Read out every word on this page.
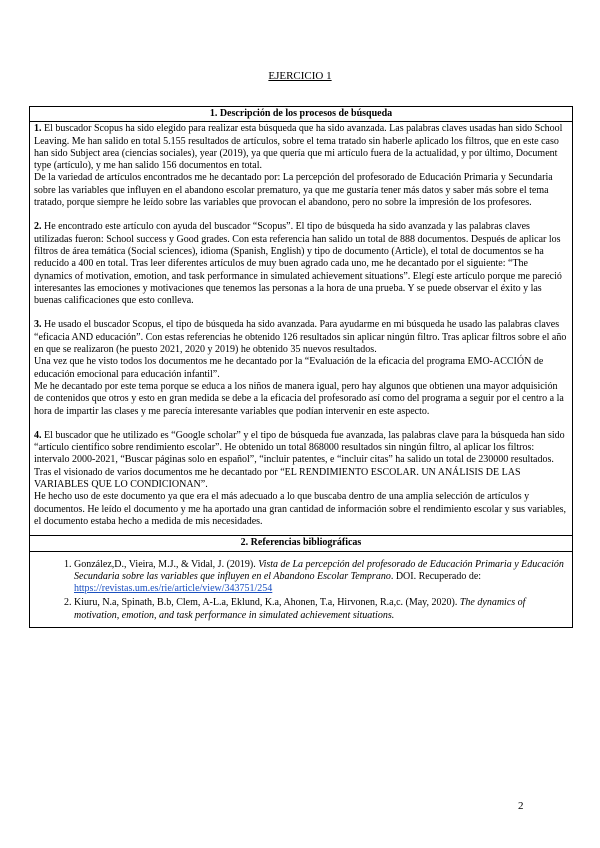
EJERCICIO 1
1. Descripción de los procesos de búsqueda

1. El buscador Scopus ha sido elegido para realizar esta búsqueda que ha sido avanzada. Las palabras claves usadas han sido School Leaving. Me han salido en total 5.155 resultados de artículos, sobre el tema tratado sin haberle aplicado los filtros, que en este caso han sido Subject area (ciencias sociales), year (2019), ya que quería que mi artículo fuera de la actualidad, y por último, Document type (artículo), y me han salido 156 documentos en total.

De la variedad de artículos encontrados me he decantado por: La percepción del profesorado de Educación Primaria y Secundaria sobre las variables que influyen en el abandono escolar prematuro, ya que me gustaría tener más datos y saber más sobre el tema tratado, porque siempre he leído sobre las variables que provocan el abandono, pero no sobre la impresión de los profesores.

2. He encontrado este artículo con ayuda del buscador “Scopus”. El tipo de búsqueda ha sido avanzada y las palabras claves utilizadas fueron: School success y Good grades. Con esta referencia han salido un total de 888 documentos. Después de aplicar los filtros de área temática (Social sciences), idioma (Spanish, English) y tipo de documento (Article), el total de documentos se ha reducido a 400 en total. Tras leer diferentes artículos de muy buen agrado cada uno, me he decantado por el siguiente: “The dynamics of motivation, emotion, and task performance in simulated achievement situations”. Elegí este artículo porque me pareció interesantes las emociones y motivaciones que tenemos las personas a la hora de una prueba. Y se puede observar el éxito y las buenas calificaciones que esto conlleva.

3. He usado el buscador Scopus, el tipo de búsqueda ha sido avanzada. Para ayudarme en mi búsqueda he usado las palabras claves “eficacia AND educación”. Con estas referencias he obtenido 126 resultados sin aplicar ningún filtro. Tras aplicar filtros sobre el año en que se realizaron (he puesto 2021, 2020 y 2019) he obtenido 35 nuevos resultados.

Una vez que he visto todos los documentos me he decantado por la “Evaluación de la eficacia del programa EMO-ACCIÓN de educación emocional para educación infantil”.

Me he decantado por este tema porque se educa a los niños de manera igual, pero hay algunos que obtienen una mayor adquisición de contenidos que otros y esto en gran medida se debe a la eficacia del profesorado así como del programa a seguir por el centro a la hora de impartir las clases y me parecía interesante variables que podían intervenir en este aspecto.

4. El buscador que he utilizado es “Google scholar” y el tipo de búsqueda fue avanzada, las palabras clave para la búsqueda han sido “artículo científico sobre rendimiento escolar”. He obtenido un total 868000 resultados sin ningún filtro, al aplicar los filtros: intervalo 2000-2021, “Buscar páginas solo en español”, “incluir patentes, e “incluir citas” ha salido un total de 230000 resultados.

Tras el visionado de varios documentos me he decantado por “EL RENDIMIENTO ESCOLAR. UN ANÁLISIS DE LAS VARIABLES QUE LO CONDICIONAN”.

He hecho uso de este documento ya que era el más adecuado a lo que buscaba dentro de una amplia selección de artículos y documentos. He leído el documento y me ha aportado una gran cantidad de información sobre el rendimiento escolar y sus variables, el documento estaba hecho a medida de mis necesidades.

2. Referencias bibliográficas

1. González,D., Vieira, M.J., & Vidal, J. (2019). Vista de La percepción del profesorado de Educación Primaria y Educación Secundaria sobre las variables que influyen en el Abandono Escolar Temprano. DOI. Recuperado de: https://revistas.um.es/rie/article/view/343751/254
2. Kiuru, N.a, Spinath, B.b, Clem, A-L.a, Eklund, K.a, Ahonen, T.a, Hirvonen, R.a,c. (May, 2020). The dynamics of motivation, emotion, and task performance in simulated achievement situations.
2
